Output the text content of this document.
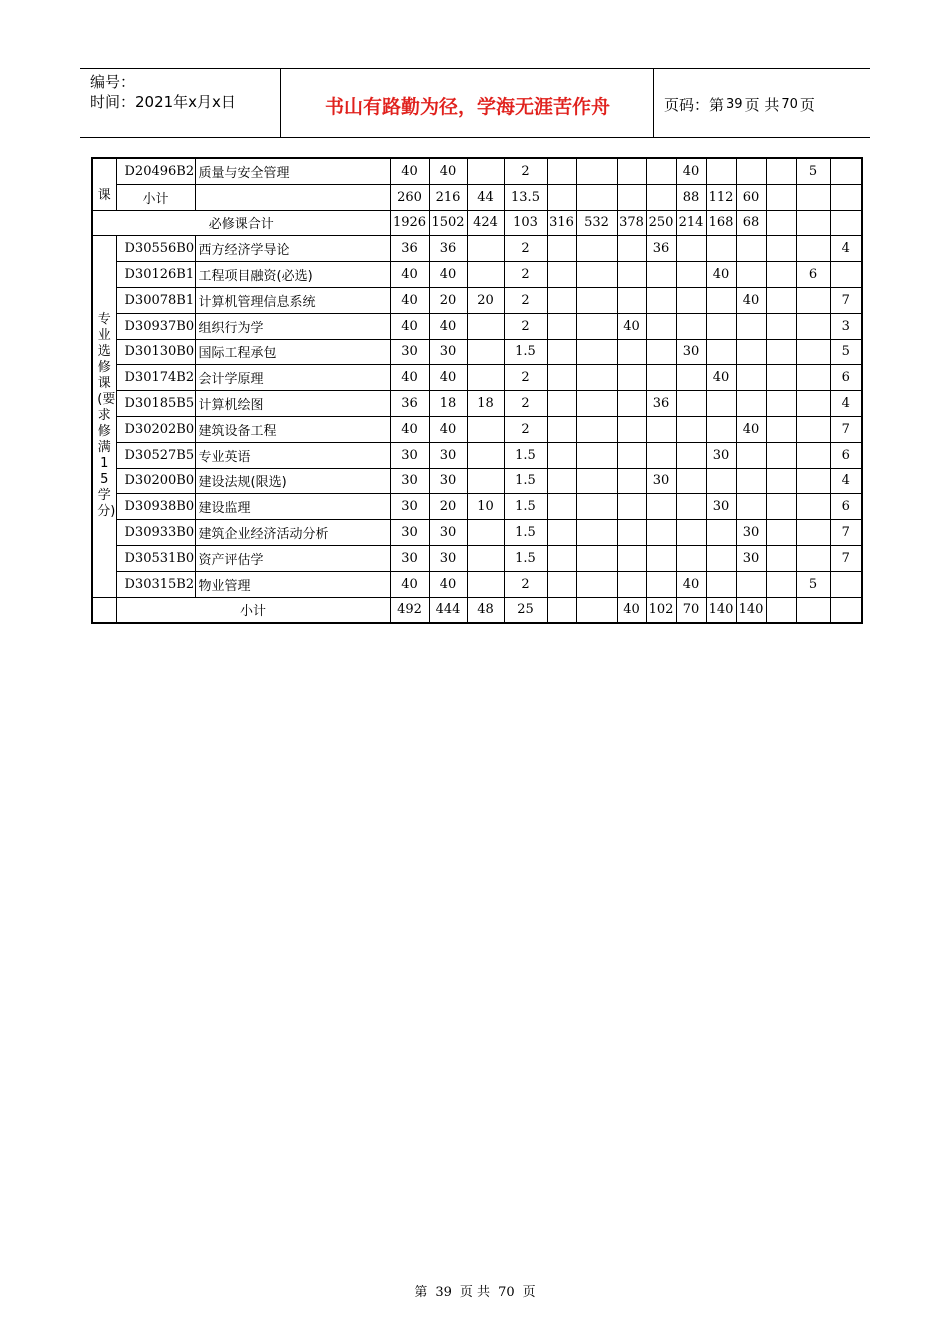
编号：
时间：2021年x月x日	书山有路勤为径，学海无涯苦作舟	页码：第 39 页 共 70 页
课	D20496B2	质量与安全管理	40	40		2					40				5	
	小计		260	216	44	13.5					88	112	60			
必修课合计			1926	1502	424	103	316	532	378	250	214	168	68			

专业选修课(要求修满15学分)	D30556B0	西方经济学导论	36	36		2				36						4
	D30126B1	工程项目融资(必选)	40	40		2						40			6	
	D30078B1	计算机管理信息系统	40	20	20	2							40			7
	D30937B0	组织行为学	40	40		2			40							3
	D30130B0	国际工程承包	30	30		1.5					30					5
	D30174B2	会计学原理	40	40		2						40				6
	D30185B5	计算机绘图	36	18	18	2				36						4
	D30202B0	建筑设备工程	40	40		2							40			7
	D30527B5	专业英语	30	30		1.5						30				6
	D30200B0	建设法规(限选)	30	30		1.5				30						4
	D30938B0	建设监理	30	20	10	1.5						30				6
	D30933B0	建筑企业经济活动分析	30	30		1.5							30			7
	D30531B0	资产评估学	30	30		1.5							30			7
	D30315B2	物业管理	40	40		2					40				5	
	小计		492	444	48	25			40	102	70	140	140			
第 39 页 共 70 页
